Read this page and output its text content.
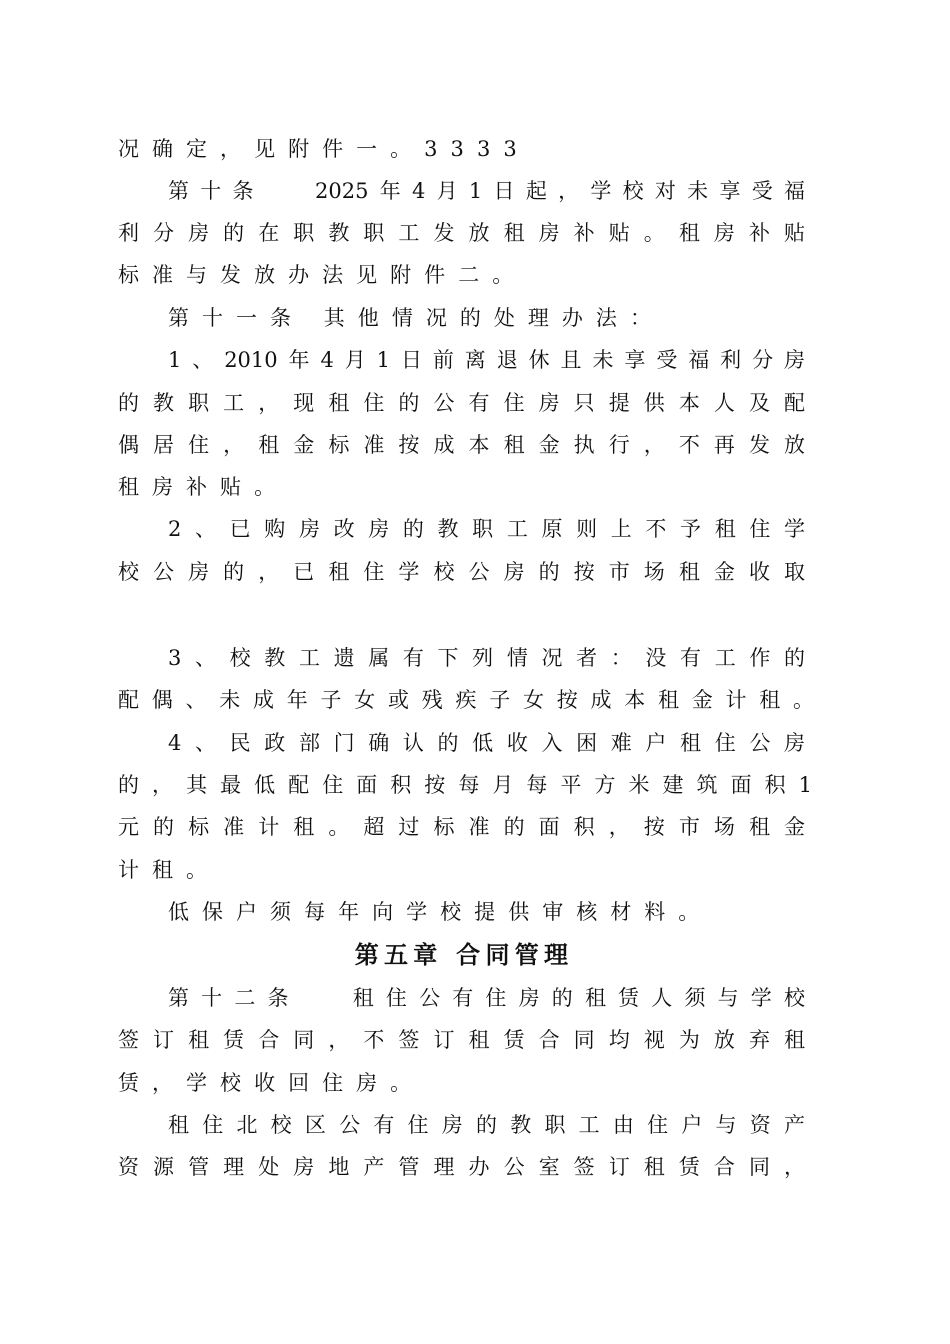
况确定，见附件一。3333

第十条　 2025年4月1日起，学校对未享受福

利分房的在职教职工发放租房补贴。租房补贴

标准与发放办法见附件二。

第十一条 其他情况的处理办法：

1、2010年4月1日前离退休且未享受福利分房

的教职工，现租住的公有住房只提供本人及配

偶居住，租金标准按成本租金执行，不再发放

租房补贴。

2、已购房改房的教职工原则上不予租住学

校公房的，已租住学校公房的按市场租金收取

3、校教工遗属有下列情况者：没有工作的

配偶、未成年子女或残疾子女按成本租金计租。

4、民政部门确认的低收入困难户租住公房

的，其最低配住面积按每月每平方米建筑面积1

元的标准计租。超过标准的面积，按市场租金

计租。

低保户须每年向学校提供审核材料。

第五章 合同管理

第十二条　 租住公有住房的租赁人须与学校

签订租赁合同，不签订租赁合同均视为放弃租

赁，学校收回住房。

租住北校区公有住房的教职工由住户与资产

资源管理处房地产管理办公室签订租赁合同，
